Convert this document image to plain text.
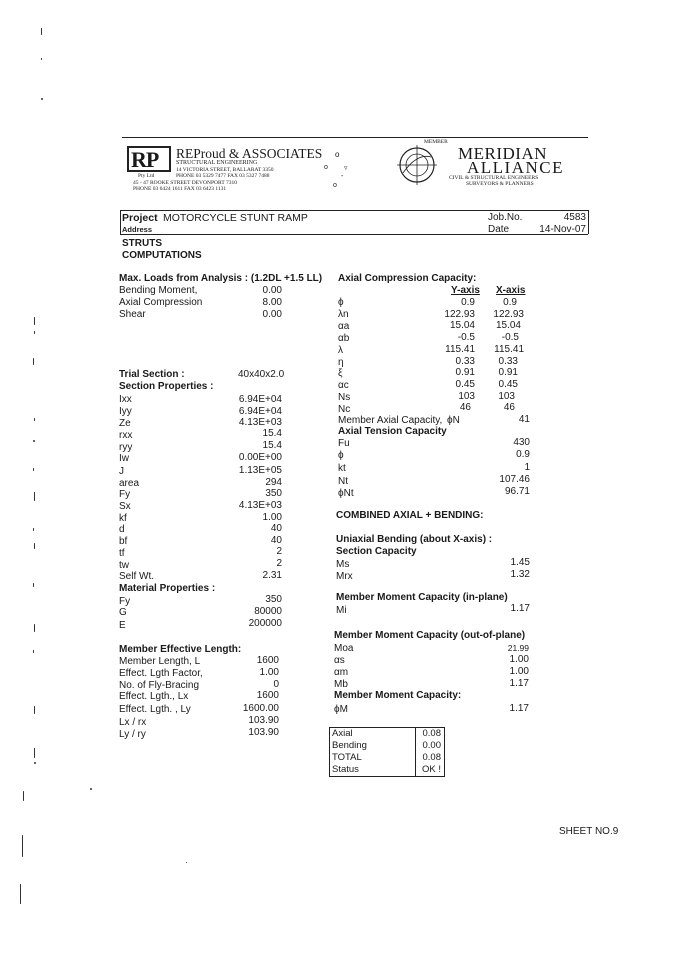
RP
Pty Ltd
REProud & ASSOCIATES
STRUCTURAL ENGINEERING
14 VICTORIA STREET, BALLARAT 3350
PHONE 03 5329 7477 FAX 03 5327 7488
45 - 47 ROOKE STREET DEVONPORT 7310
PHONE 03 6424 1611 FAX 03 6423 1131
o
o ▿
-
o
MEMBER
MERIDIAN
ALLIANCE
CIVIL & STRUCTURAL ENGINEERS
SURVEYORS & PLANNERS
Project MOTORCYCLE STUNT RAMP
Address
Job.No.	4583
Date	14-Nov-07
STRUTS
COMPUTATIONS
Max. Loads from Analysis : (1.2DL +1.5 LL)
Bending Moment,	0.00
Axial Compression	8.00
Shear	0.00
Trial Section :	40x40x2.0
Section Properties :
Ixx	6.94E+04
Iyy	6.94E+04
Ze	4.13E+03
rxx	15.4
ryy	15.4
Iw	0.00E+00
J	1.13E+05
area	294
Fy	350
Sx	4.13E+03
kf	1.00
d	40
bf	40
tf	2
tw	2
Self Wt.	2.31
Material Properties :
Fy	350
G	80000
E	200000
Member Effective Length:
Member Length, L	1600
Effect. Lgth Factor,	1.00
No. of Fly-Bracing	0
Effect. Lgth., Lx	1600
Effect. Lgth. , Ly	1600.00
Lx / rx	103.90
Ly / ry	103.90
Axial Compression Capacity:
Y-axis X-axis
ϕ	0.9	0.9
λn	122.93	122.93
αa	15.04	15.04
αb	-0.5	-0.5
λ	115.41	115.41
η	0.33	0.33
ξ	0.91	0.91
αc	0.45	0.45
Ns	103	103
Nc	46	46
Member Axial Capacity, ϕN	41
Axial Tension Capacity
Fu	430
ϕ	0.9
kt	1
Nt	107.46
ϕNt	96.71
COMBINED AXIAL + BENDING:
Uniaxial Bending (about X-axis) :
Section Capacity
Ms	1.45
Mrx	1.32
Member Moment Capacity (in-plane)
Mi	1.17
Member Moment Capacity (out-of-plane)
Moa	21.99
αs	1.00
αm	1.00
Mb	1.17
Member Moment Capacity:
ϕM	1.17
Axial	0.08
Bending	0.00
TOTAL	0.08
Status	OK !
SHEET NO.9
